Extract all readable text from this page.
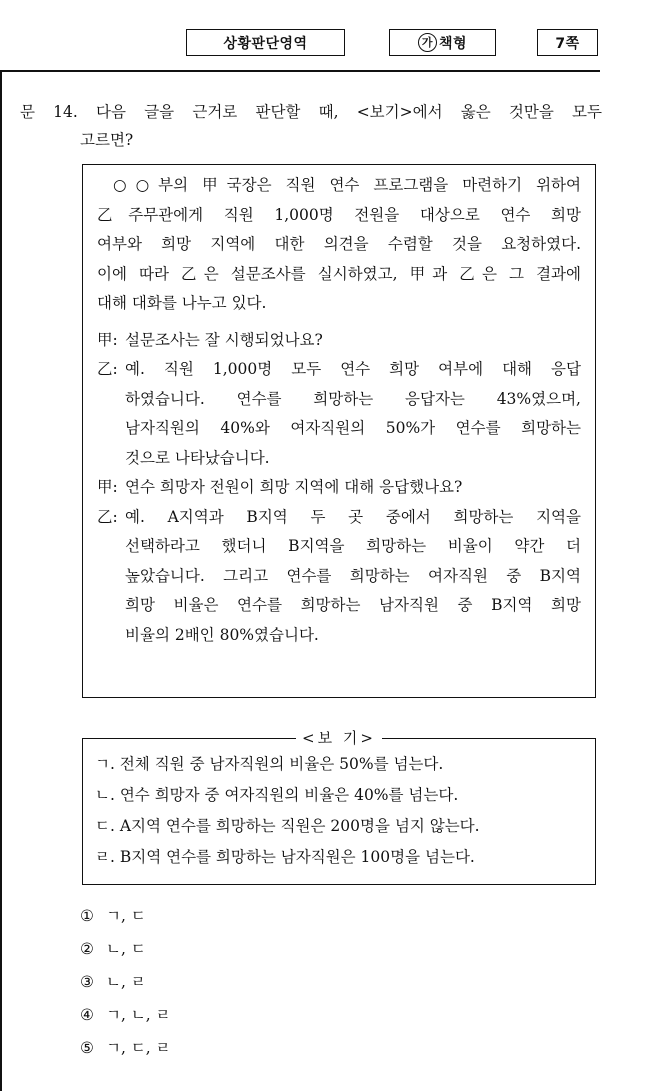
상황판단영역	가 책형	7쪽
문 14. 다음 글을 근거로 판단할 때, <보기>에서 옳은 것만을 모두
고르면?

○○부의 甲국장은 직원 연수 프로그램을 마련하기 위하여
乙주무관에게 직원 1,000명 전원을 대상으로 연수 희망
여부와 희망 지역에 대한 의견을 수렴할 것을 요청하였다.
이에 따라 乙은 설문조사를 실시하였고, 甲과 乙은 그 결과에
대해 대화를 나누고 있다.

甲: 설문조사는 잘 시행되었나요?
乙: 예. 직원 1,000명 모두 연수 희망 여부에 대해 응답
하였습니다. 연수를 희망하는 응답자는 43%였으며,
남자직원의 40%와 여자직원의 50%가 연수를 희망하는
것으로 나타났습니다.
甲: 연수 희망자 전원이 희망 지역에 대해 응답했나요?
乙: 예. A지역과 B지역 두 곳 중에서 희망하는 지역을
선택하라고 했더니 B지역을 희망하는 비율이 약간 더
높았습니다. 그리고 연수를 희망하는 여자직원 중 B지역
희망 비율은 연수를 희망하는 남자직원 중 B지역 희망
비율의 2배인 80%였습니다.
<보 기>
ㄱ. 전체 직원 중 남자직원의 비율은 50%를 넘는다.
ㄴ. 연수 희망자 중 여자직원의 비율은 40%를 넘는다.
ㄷ. A지역 연수를 희망하는 직원은 200명을 넘지 않는다.
ㄹ. B지역 연수를 희망하는 남자직원은 100명을 넘는다.
① ㄱ, ㄷ
② ㄴ, ㄷ
③ ㄴ, ㄹ
④ ㄱ, ㄴ, ㄹ
⑤ ㄱ, ㄷ, ㄹ
